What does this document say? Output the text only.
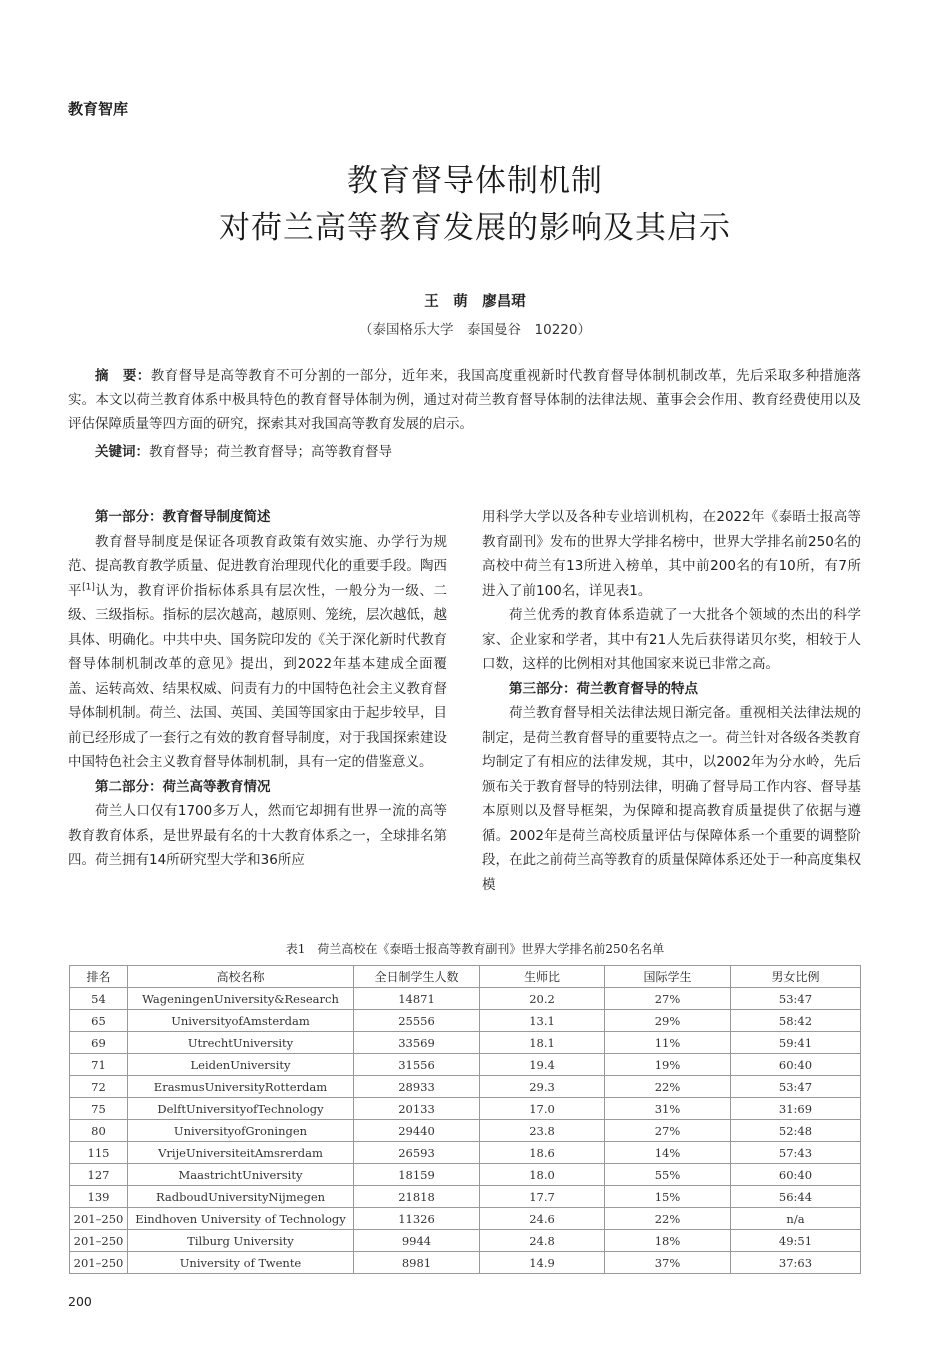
教育智库
教育督导体制机制
对荷兰高等教育发展的影响及其启示
王　萌　廖昌珺
（泰国格乐大学　泰国曼谷　10220）
摘　要：教育督导是高等教育不可分割的一部分，近年来，我国高度重视新时代教育督导体制机制改革，先后采取多种措施落实。本文以荷兰教育体系中极具特色的教育督导体制为例，通过对荷兰教育督导体制的法律法规、董事会会作用、教育经费使用以及评估保障质量等四方面的研究，探索其对我国高等教育发展的启示。
关键词：教育督导；荷兰教育督导；高等教育督导
第一部分：教育督导制度简述

教育督导制度是保证各项教育政策有效实施、办学行为规范、提高教育教学质量、促进教育治理现代化的重要手段。陶西平[1]认为，教育评价指标体系具有层次性，一般分为一级、二级、三级指标。指标的层次越高，越原则、笼统，层次越低，越具体、明确化。中共中央、国务院印发的《关于深化新时代教育督导体制机制改革的意见》提出，到2022年基本建成全面覆盖、运转高效、结果权威、问责有力的中国特色社会主义教育督导体制机制。荷兰、法国、英国、美国等国家由于起步较早，目前已经形成了一套行之有效的教育督导制度，对于我国探索建设中国特色社会主义教育督导体制机制，具有一定的借鉴意义。

第二部分：荷兰高等教育情况

荷兰人口仅有1700多万人，然而它却拥有世界一流的高等教育教育体系，是世界最有名的十大教育体系之一，全球排名第四。荷兰拥有14所研究型大学和36所应

用科学大学以及各种专业培训机构，在2022年《泰晤士报高等教育副刊》发布的世界大学排名榜中，世界大学排名前250名的高校中荷兰有13所进入榜单，其中前200名的有10所，有7所进入了前100名，详见表1。

荷兰优秀的教育体系造就了一大批各个领域的杰出的科学家、企业家和学者，其中有21人先后获得诺贝尔奖，相较于人口数，这样的比例相对其他国家来说已非常之高。

第三部分：荷兰教育督导的特点

荷兰教育督导相关法律法规日渐完备。重视相关法律法规的制定，是荷兰教育督导的重要特点之一。荷兰针对各级各类教育均制定了有相应的法律发规，其中，以2002年为分水岭，先后颁布关于教育督导的特别法律，明确了督导局工作内容、督导基本原则以及督导框架，为保障和提高教育质量提供了依据与遵循。2002年是荷兰高校质量评估与保障体系一个重要的调整阶段，在此之前荷兰高等教育的质量保障体系还处于一种高度集权模

表1　荷兰高校在《泰晤士报高等教育副刊》世界大学排名前250名名单
排名	高校名称	全日制学生人数	生师比	国际学生	男女比例
54	WageningenUniversity&Research	14871	20.2	27%	53:47
65	UniversityofAmsterdam	25556	13.1	29%	58:42
69	UtrechtUniversity	33569	18.1	11%	59:41
71	LeidenUniversity	31556	19.4	19%	60:40
72	ErasmusUniversityRotterdam	28933	29.3	22%	53:47
75	DelftUniversityofTechnology	20133	17.0	31%	31:69
80	UniversityofGroningen	29440	23.8	27%	52:48
115	VrijeUniversiteitAmsrerdam	26593	18.6	14%	57:43
127	MaastrichtUniversity	18159	18.0	55%	60:40
139	RadboudUniversityNijmegen	21818	17.7	15%	56:44
201–250	Eindhoven University of Technology	11326	24.6	22%	n/a
201–250	Tilburg University	9944	24.8	18%	49:51
201–250	University of Twente	8981	14.9	37%	37:63
200
